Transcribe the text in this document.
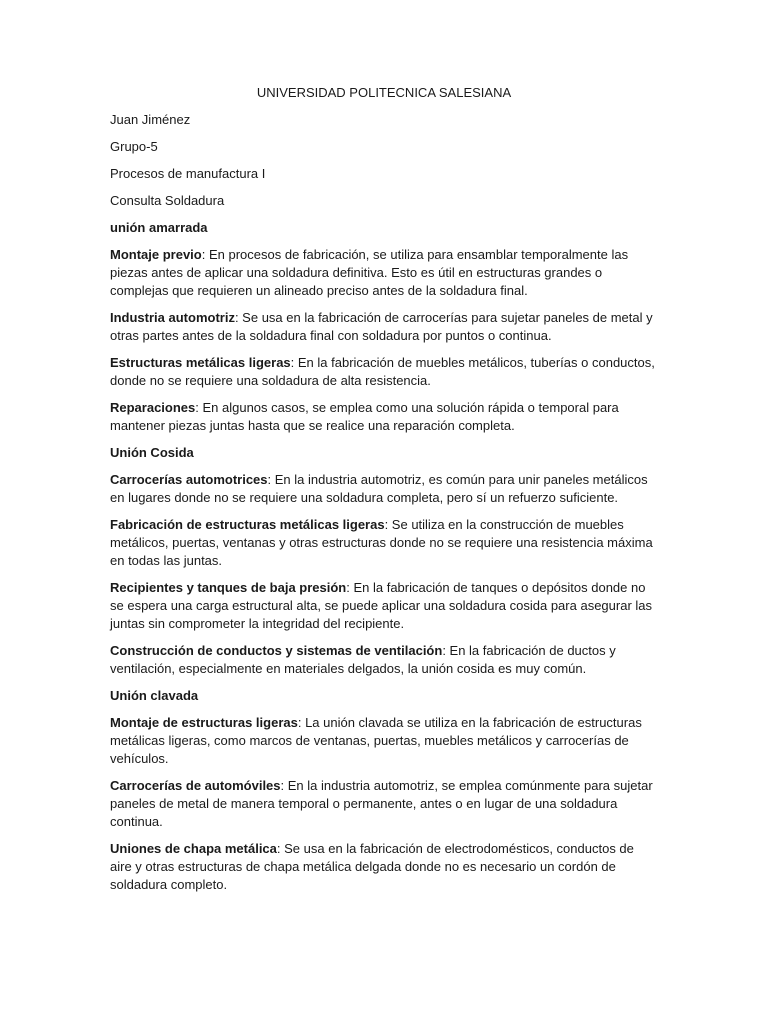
UNIVERSIDAD POLITECNICA SALESIANA
Juan Jiménez
Grupo-5
Procesos de manufactura I
Consulta Soldadura
unión amarrada

Montaje previo: En procesos de fabricación, se utiliza para ensamblar temporalmente las piezas antes de aplicar una soldadura definitiva. Esto es útil en estructuras grandes o complejas que requieren un alineado preciso antes de la soldadura final.

Industria automotriz: Se usa en la fabricación de carrocerías para sujetar paneles de metal y otras partes antes de la soldadura final con soldadura por puntos o continua.

Estructuras metálicas ligeras: En la fabricación de muebles metálicos, tuberías o conductos, donde no se requiere una soldadura de alta resistencia.

Reparaciones: En algunos casos, se emplea como una solución rápida o temporal para mantener piezas juntas hasta que se realice una reparación completa.

Unión Cosida

Carrocerías automotrices: En la industria automotriz, es común para unir paneles metálicos en lugares donde no se requiere una soldadura completa, pero sí un refuerzo suficiente.

Fabricación de estructuras metálicas ligeras: Se utiliza en la construcción de muebles metálicos, puertas, ventanas y otras estructuras donde no se requiere una resistencia máxima en todas las juntas.

Recipientes y tanques de baja presión: En la fabricación de tanques o depósitos donde no se espera una carga estructural alta, se puede aplicar una soldadura cosida para asegurar las juntas sin comprometer la integridad del recipiente.

Construcción de conductos y sistemas de ventilación: En la fabricación de ductos y ventilación, especialmente en materiales delgados, la unión cosida es muy común.

Unión clavada

Montaje de estructuras ligeras: La unión clavada se utiliza en la fabricación de estructuras metálicas ligeras, como marcos de ventanas, puertas, muebles metálicos y carrocerías de vehículos.

Carrocerías de automóviles: En la industria automotriz, se emplea comúnmente para sujetar paneles de metal de manera temporal o permanente, antes o en lugar de una soldadura continua.

Uniones de chapa metálica: Se usa en la fabricación de electrodomésticos, conductos de aire y otras estructuras de chapa metálica delgada donde no es necesario un cordón de soldadura completo.
